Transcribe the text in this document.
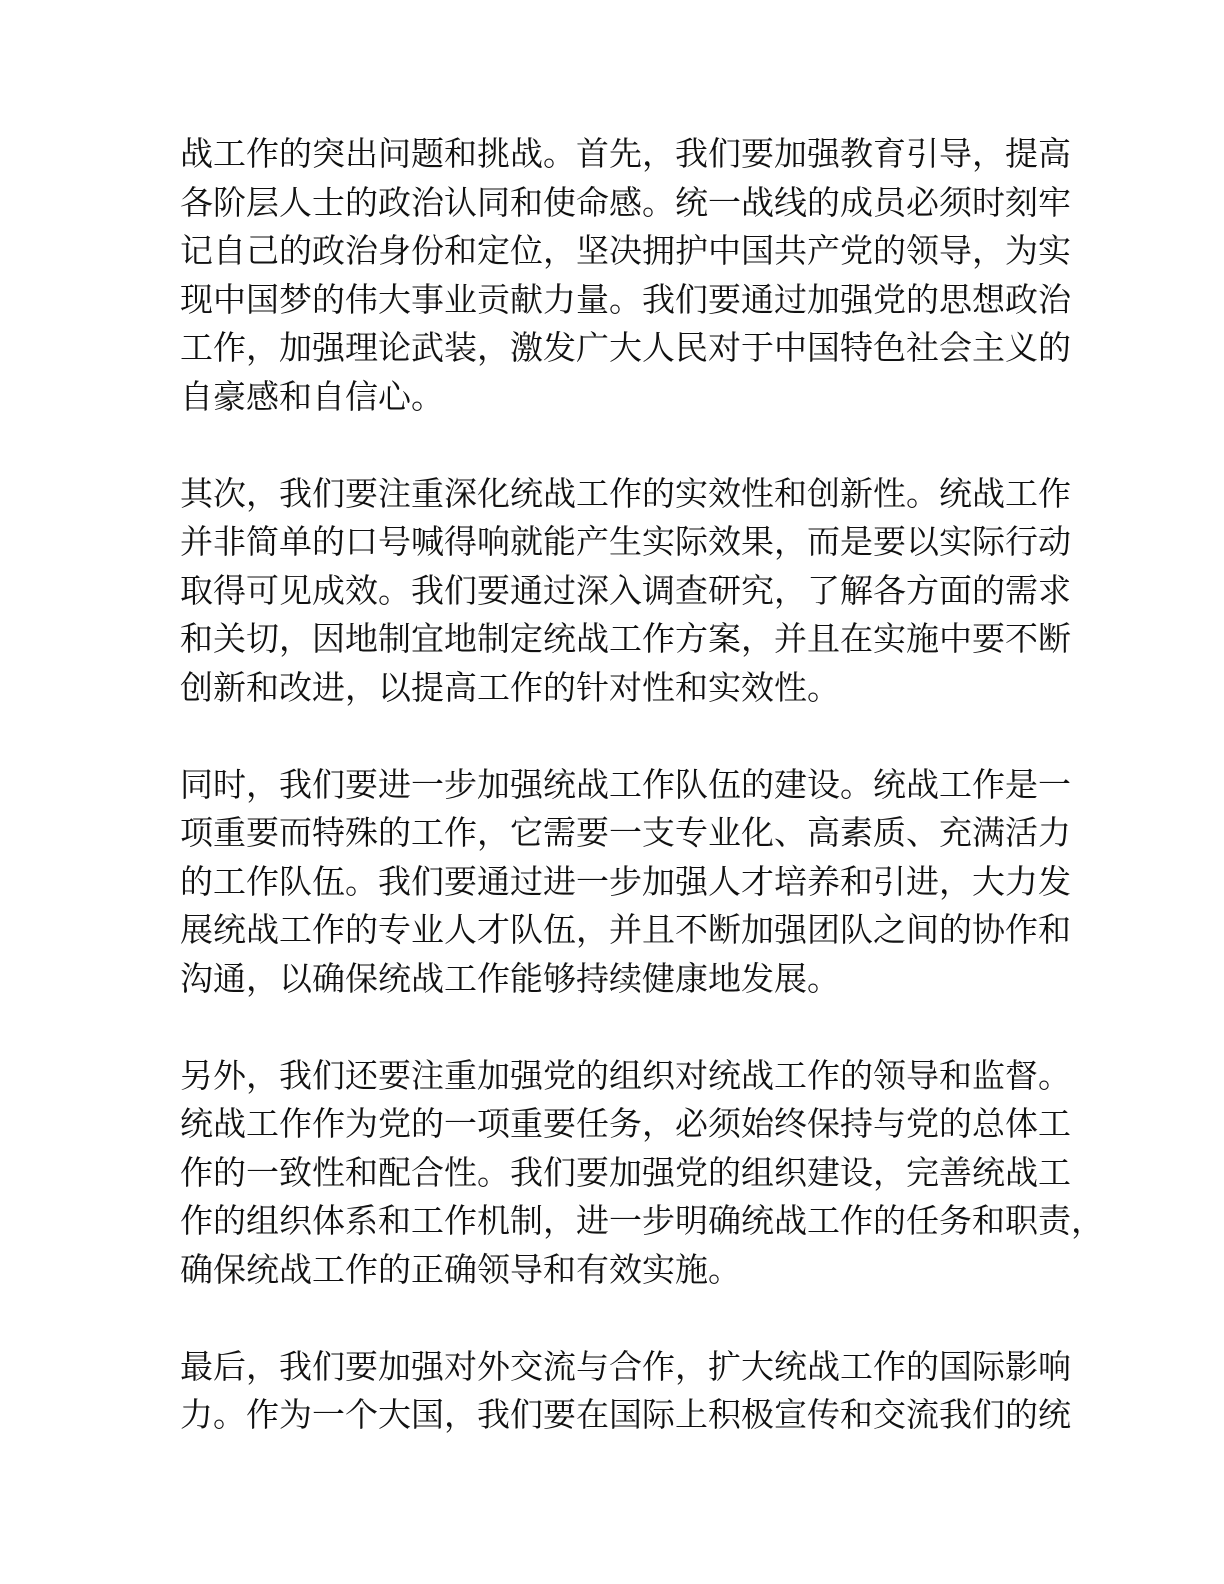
战工作的突出问题和挑战。首先，我们要加强教育引导，提高
各阶层人士的政治认同和使命感。统一战线的成员必须时刻牢
记自己的政治身份和定位，坚决拥护中国共产党的领导，为实
现中国梦的伟大事业贡献力量。我们要通过加强党的思想政治
工作，加强理论武装，激发广大人民对于中国特色社会主义的
自豪感和自信心。
其次，我们要注重深化统战工作的实效性和创新性。统战工作
并非简单的口号喊得响就能产生实际效果，而是要以实际行动
取得可见成效。我们要通过深入调查研究，了解各方面的需求
和关切，因地制宜地制定统战工作方案，并且在实施中要不断
创新和改进，以提高工作的针对性和实效性。
同时，我们要进一步加强统战工作队伍的建设。统战工作是一
项重要而特殊的工作，它需要一支专业化、高素质、充满活力
的工作队伍。我们要通过进一步加强人才培养和引进，大力发
展统战工作的专业人才队伍，并且不断加强团队之间的协作和
沟通，以确保统战工作能够持续健康地发展。
另外，我们还要注重加强党的组织对统战工作的领导和监督。
统战工作作为党的一项重要任务，必须始终保持与党的总体工
作的一致性和配合性。我们要加强党的组织建设，完善统战工
作的组织体系和工作机制，进一步明确统战工作的任务和职责，
确保统战工作的正确领导和有效实施。
最后，我们要加强对外交流与合作，扩大统战工作的国际影响
力。作为一个大国，我们要在国际上积极宣传和交流我们的统
